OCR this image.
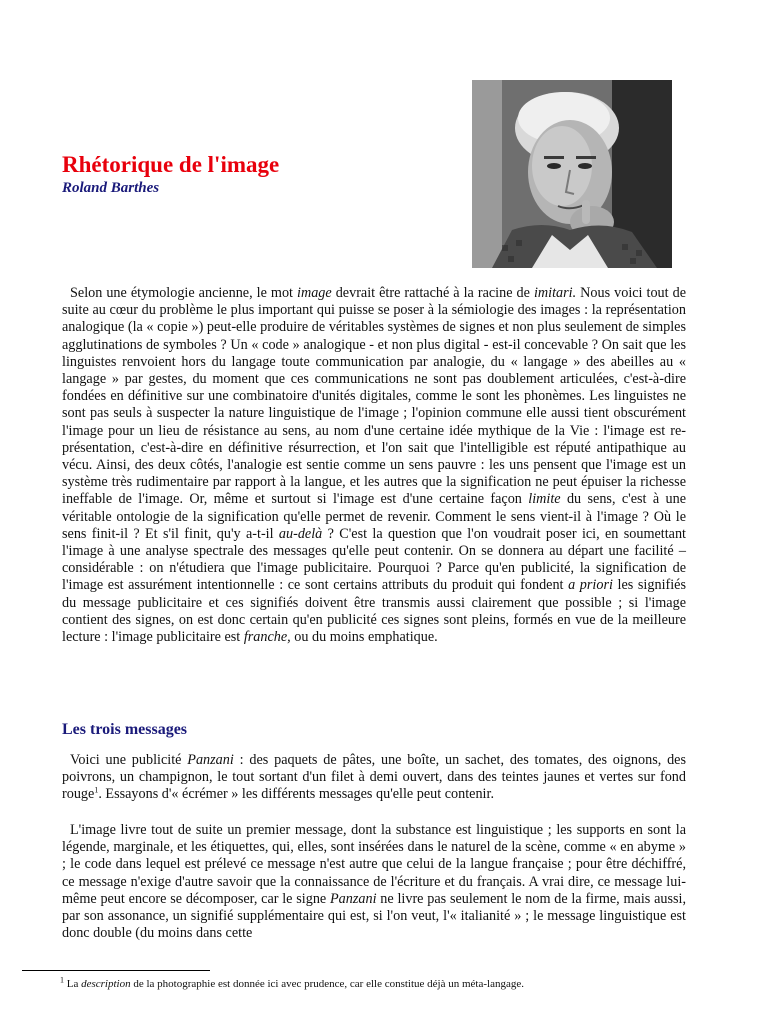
Rhétorique de l'image

Roland Barthes

Selon une étymologie ancienne, le mot image devrait être rattaché à la racine de imitari. Nous voici tout de suite au cœur du problème le plus important qui puisse se poser à la sémiologie des images : la représentation analogique (la « copie ») peut-elle produire de véritables systèmes de signes et non plus seulement de simples agglutinations de symboles ? Un « code » analogique - et non plus digital - est-il concevable ? On sait que les linguistes renvoient hors du langage toute communication par analogie, du « langage » des abeilles au « langage » par gestes, du moment que ces communications ne sont pas doublement articulées, c'est-à-dire fondées en définitive sur une combinatoire d'unités digitales, comme le sont les phonèmes. Les linguistes ne sont pas seuls à suspecter la nature linguistique de l'image ; l'opinion commune elle aussi tient obscurément l'image pour un lieu de résistance au sens, au nom d'une certaine idée mythique de la Vie : l'image est re-présentation, c'est-à-dire en définitive résurrection, et l'on sait que l'intelligible est réputé antipathique au vécu. Ainsi, des deux côtés, l'analogie est sentie comme un sens pauvre : les uns pensent que l'image est un système très rudimentaire par rapport à la langue, et les autres que la signification ne peut épuiser la richesse ineffable de l'image. Or, même et surtout si l'image est d'une certaine façon limite du sens, c'est à une véritable ontologie de la signification qu'elle permet de revenir. Comment le sens vient-il à l'image ? Où le sens finit-il ? Et s'il finit, qu'y a-t-il au-delà ? C'est la question que l'on voudrait poser ici, en soumettant l'image à une analyse spectrale des messages qu'elle peut contenir. On se donnera au départ une facilité – considérable : on n'étudiera que l'image publicitaire. Pourquoi ? Parce qu'en publicité, la signification de l'image est assurément intentionnelle : ce sont certains attributs du produit qui fondent a priori les signifiés du message publicitaire et ces signifiés doivent être transmis aussi clairement que possible ; si l'image contient des signes, on est donc certain qu'en publicité ces signes sont pleins, formés en vue de la meilleure lecture : l'image publicitaire est franche, ou du moins emphatique.

Les trois messages

Voici une publicité Panzani : des paquets de pâtes, une boîte, un sachet, des tomates, des oignons, des poivrons, un champignon, le tout sortant d'un filet à demi ouvert, dans des teintes jaunes et vertes sur fond rouge$^1$. Essayons d'« écrémer » les différents messages qu'elle peut contenir.

L'image livre tout de suite un premier message, dont la substance est linguistique ; les supports en sont la légende, marginale, et les étiquettes, qui, elles, sont insérées dans le naturel de la scène, comme « en abyme » ; le code dans lequel est prélevé ce message n'est autre que celui de la langue française ; pour être déchiffré, ce message n'exige d'autre savoir que la connaissance de l'écriture et du français. A vrai dire, ce message lui-même peut encore se décomposer, car le signe Panzani ne livre pas seulement le nom de la firme, mais aussi, par son assonance, un signifié supplémentaire qui est, si l'on veut, l'« italianité » ; le message linguistique est donc double (du moins dans cette

$^1$ La description de la photographie est donnée ici avec prudence, car elle constitue déjà un méta-langage.
